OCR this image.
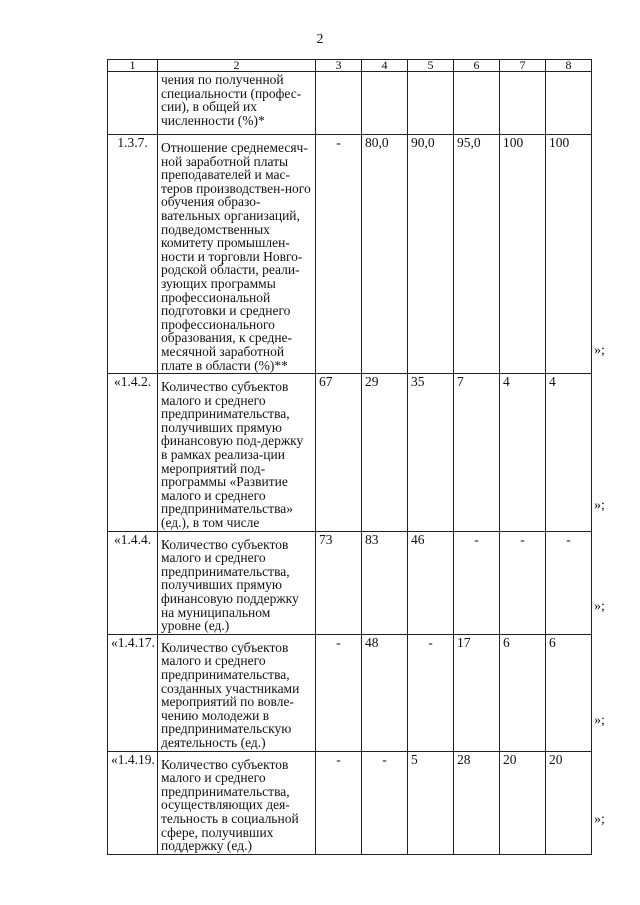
2
1	2	3	4	5	6	7	8
	чения по полученной специальности (профес-сии), в общей их численности (%)*						
1.3.7.	Отношение среднемесяч-ной заработной платы преподавателей и мас-теров производствен-ного обучения образо-вательных организаций, подведомственных комитету промышлен-ности и торговли Новго-родской области, реали-зующих программы профессиональной подготовки и среднего профессионального образования, к средне-месячной заработной плате в области (%)**	-	80,0	90,0	95,0	100	100
«1.4.2.	Количество субъектов малого и среднего предпринимательства, получивших прямую финансовую под-держку в рамках реализа-ции мероприятий под-программы «Развитие малого и среднего предпринимательства» (ед.), в том числе	67	29	35	7	4	4
«1.4.4.	Количество субъектов малого и среднего предпринимательства, получивших прямую финансовую поддержку на муниципальном уровне (ед.)	73	83	46	-	-	-
«1.4.17.	Количество субъектов малого и среднего предпринимательства, созданных участниками мероприятий по вовле-чению молодежи в предпринимательскую деятельность (ед.)	-	48	-	17	6	6
«1.4.19.	Количество субъектов малого и среднего предпринимательства, осуществляющих дея-тельность в социальной сфере, получивших поддержку (ед.)	-	-	5	28	20	20
»;
»;
»;
»;
»;
